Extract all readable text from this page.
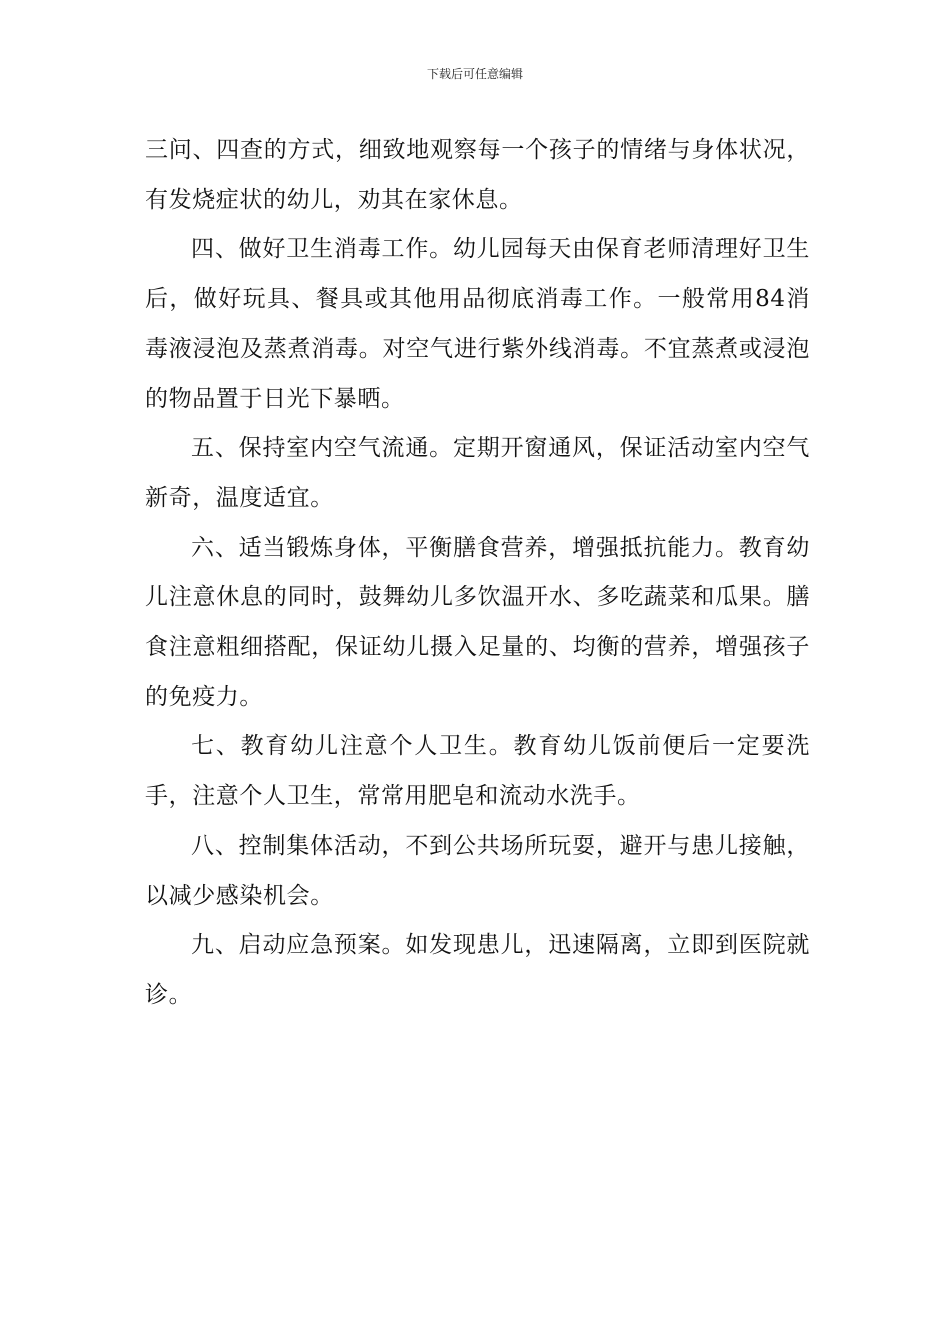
下载后可任意编辑

三问、四查的方式，细致地观察每一个孩子的情绪与身体状况，有发烧症状的幼儿，劝其在家休息。

四、做好卫生消毒工作。幼儿园每天由保育老师清理好卫生后，做好玩具、餐具或其他用品彻底消毒工作。一般常用84消毒液浸泡及蒸煮消毒。对空气进行紫外线消毒。不宜蒸煮或浸泡的物品置于日光下暴晒。

五、保持室内空气流通。定期开窗通风，保证活动室内空气新奇，温度适宜。

六、适当锻炼身体，平衡膳食营养，增强抵抗能力。教育幼儿注意休息的同时，鼓舞幼儿多饮温开水、多吃蔬菜和瓜果。膳食注意粗细搭配，保证幼儿摄入足量的、均衡的营养，增强孩子的免疫力。

七、教育幼儿注意个人卫生。教育幼儿饭前便后一定要洗手，注意个人卫生，常常用肥皂和流动水洗手。

八、控制集体活动，不到公共场所玩耍，避开与患儿接触，以减少感染机会。

九、启动应急预案。如发现患儿，迅速隔离，立即到医院就诊。
